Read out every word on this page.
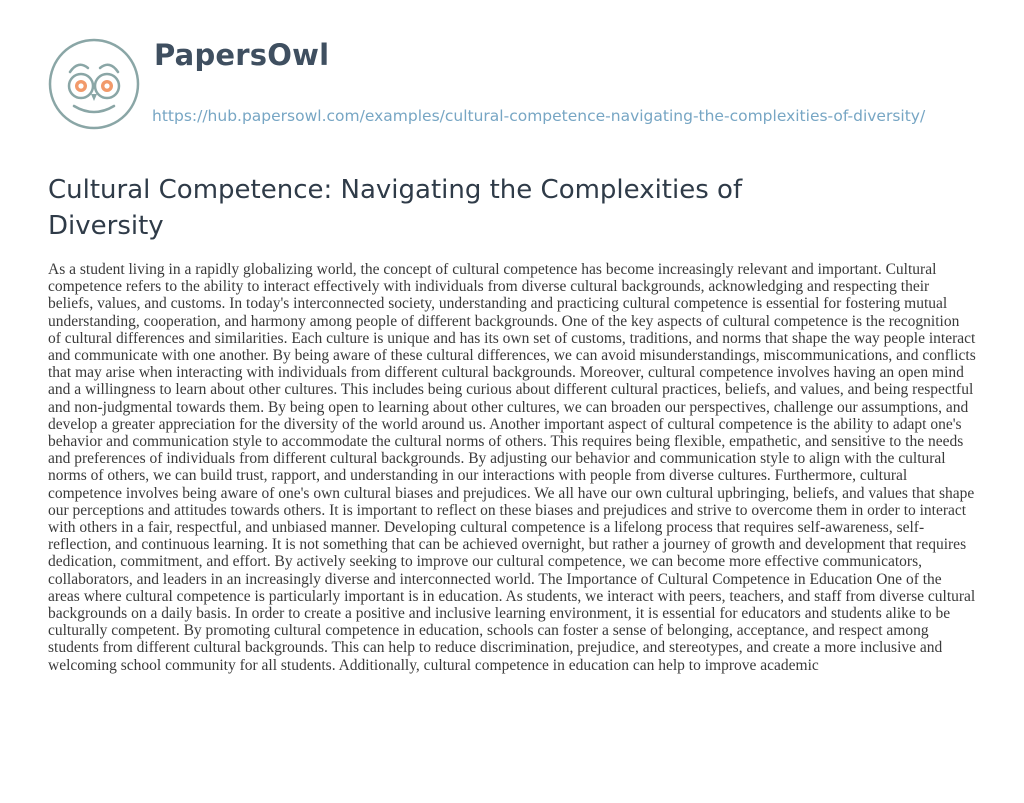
PapersOwl
https://hub.papersowl.com/examples/cultural-competence-navigating-the-complexities-of-diversity/
Cultural Competence: Navigating the Complexities of Diversity

As a student living in a rapidly globalizing world, the concept of cultural competence has become increasingly relevant and important. Cultural competence refers to the ability to interact effectively with individuals from diverse cultural backgrounds, acknowledging and respecting their beliefs, values, and customs. In today's interconnected society, understanding and practicing cultural competence is essential for fostering mutual understanding, cooperation, and harmony among people of different backgrounds. One of the key aspects of cultural competence is the recognition of cultural differences and similarities. Each culture is unique and has its own set of customs, traditions, and norms that shape the way people interact and communicate with one another. By being aware of these cultural differences, we can avoid misunderstandings, miscommunications, and conflicts that may arise when interacting with individuals from different cultural backgrounds. Moreover, cultural competence involves having an open mind and a willingness to learn about other cultures. This includes being curious about different cultural practices, beliefs, and values, and being respectful and non-judgmental towards them. By being open to learning about other cultures, we can broaden our perspectives, challenge our assumptions, and develop a greater appreciation for the diversity of the world around us. Another important aspect of cultural competence is the ability to adapt one's behavior and communication style to accommodate the cultural norms of others. This requires being flexible, empathetic, and sensitive to the needs and preferences of individuals from different cultural backgrounds. By adjusting our behavior and communication style to align with the cultural norms of others, we can build trust, rapport, and understanding in our interactions with people from diverse cultures. Furthermore, cultural competence involves being aware of one's own cultural biases and prejudices. We all have our own cultural upbringing, beliefs, and values that shape our perceptions and attitudes towards others. It is important to reflect on these biases and prejudices and strive to overcome them in order to interact with others in a fair, respectful, and unbiased manner. Developing cultural competence is a lifelong process that requires self-awareness, self-reflection, and continuous learning. It is not something that can be achieved overnight, but rather a journey of growth and development that requires dedication, commitment, and effort. By actively seeking to improve our cultural competence, we can become more effective communicators, collaborators, and leaders in an increasingly diverse and interconnected world. The Importance of Cultural Competence in Education One of the areas where cultural competence is particularly important is in education. As students, we interact with peers, teachers, and staff from diverse cultural backgrounds on a daily basis. In order to create a positive and inclusive learning environment, it is essential for educators and students alike to be culturally competent. By promoting cultural competence in education, schools can foster a sense of belonging, acceptance, and respect among students from different cultural backgrounds. This can help to reduce discrimination, prejudice, and stereotypes, and create a more inclusive and welcoming school community for all students. Additionally, cultural competence in education can help to improve academic
